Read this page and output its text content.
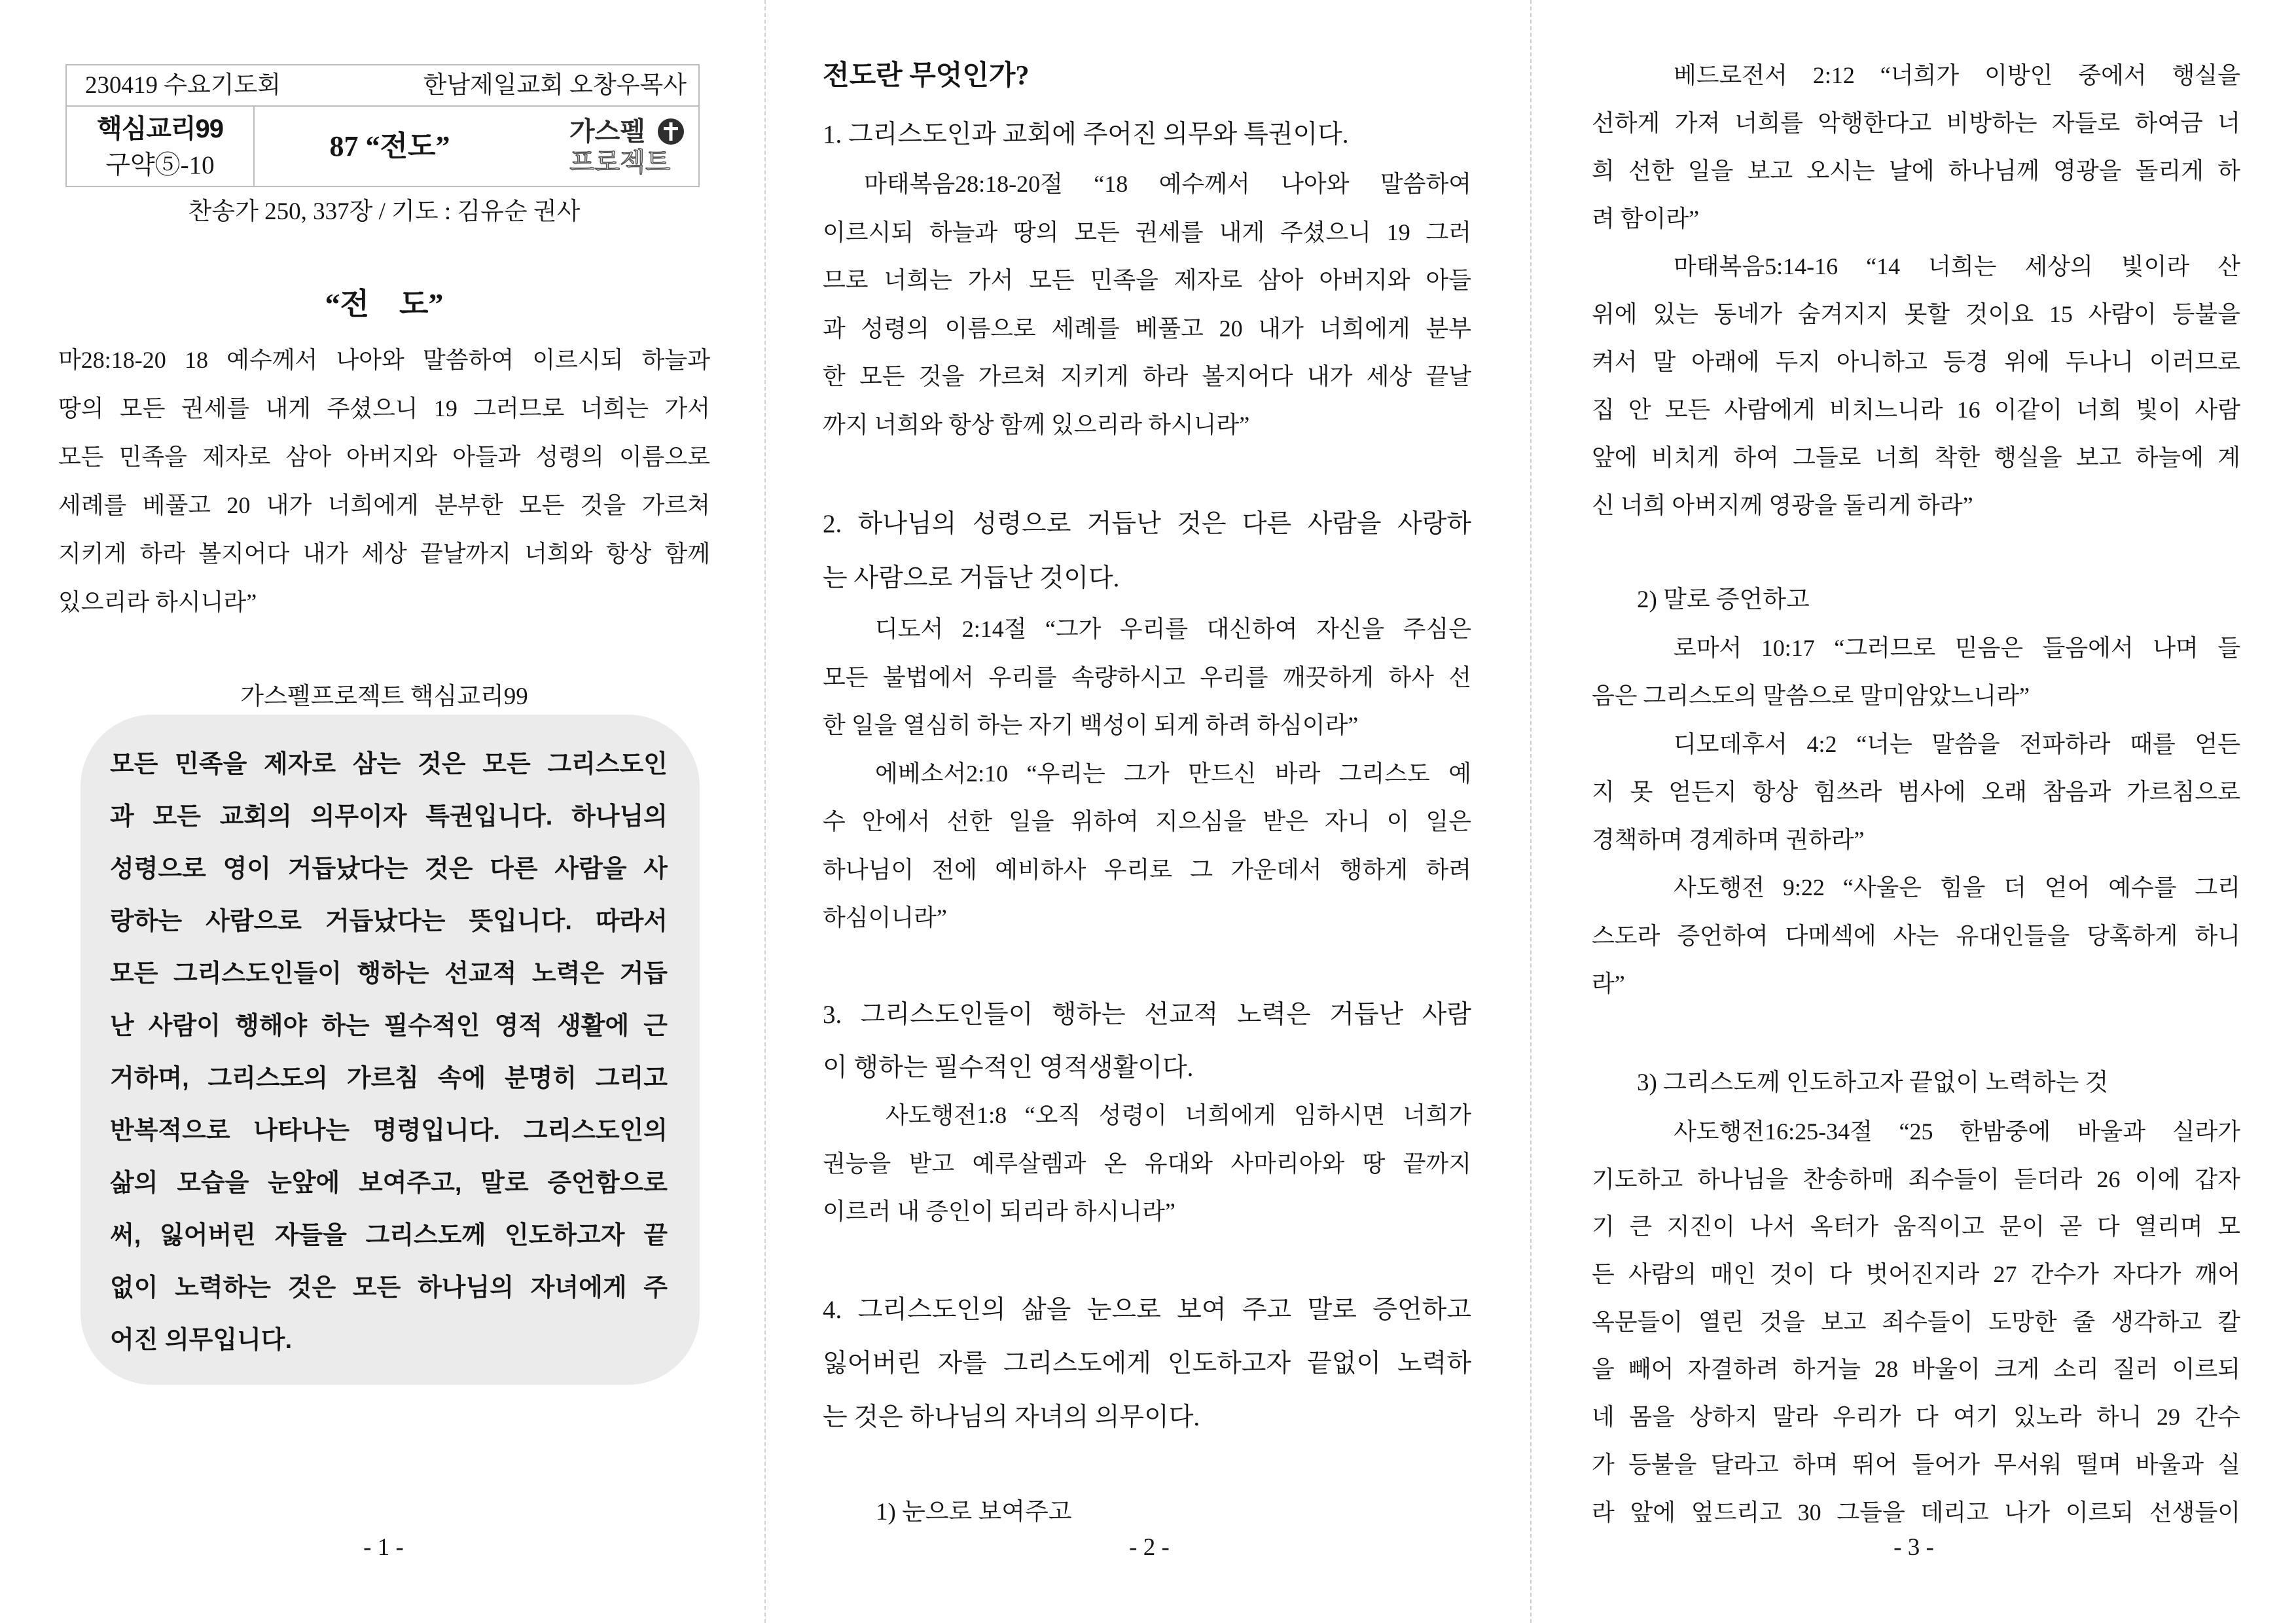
230419 수요기도회	한남제일교회 오창우목사
핵심교리99
구약⑤-10
87 “전도”	가스펠
프로젝트
찬송가 250, 337장 / 기도 : 김유순 권사
“전    도”
마28:18-20 18 예수께서 나아와 말씀하여 이르시되 하늘과
땅의 모든 권세를 내게 주셨으니 19 그러므로 너희는 가서
모든 민족을 제자로 삼아 아버지와 아들과 성령의 이름으로
세례를 베풀고 20 내가 너희에게 분부한 모든 것을 가르쳐
지키게 하라 볼지어다 내가 세상 끝날까지 너희와 항상 함께
있으리라 하시니라”
가스펠프로젝트 핵심교리99
모든 민족을 제자로 삼는 것은 모든 그리스도인
과 모든 교회의 의무이자 특권입니다. 하나님의
성령으로 영이 거듭났다는 것은 다른 사람을 사
랑하는 사람으로 거듭났다는 뜻입니다. 따라서
모든 그리스도인들이 행하는 선교적 노력은 거듭
난 사람이 행해야 하는 필수적인 영적 생활에 근
거하며, 그리스도의 가르침 속에 분명히 그리고
반복적으로 나타나는 명령입니다. 그리스도인의
삶의 모습을 눈앞에 보여주고, 말로 증언함으로
써, 잃어버린 자들을 그리스도께 인도하고자 끝
없이 노력하는 것은 모든 하나님의 자녀에게 주
어진 의무입니다.
- 1 -
전도란 무엇인가?
1. 그리스도인과 교회에 주어진 의무와 특권이다.
마태복음28:18-20절 “18 예수께서 나아와 말씀하여
이르시되 하늘과 땅의 모든 권세를 내게 주셨으니 19 그러
므로 너희는 가서 모든 민족을 제자로 삼아 아버지와 아들
과 성령의 이름으로 세례를 베풀고 20 내가 너희에게 분부
한 모든 것을 가르쳐 지키게 하라 볼지어다 내가 세상 끝날
까지 너희와 항상 함께 있으리라 하시니라”
2. 하나님의 성령으로 거듭난 것은 다른 사람을 사랑하
는 사람으로 거듭난 것이다.
디도서 2:14절 “그가 우리를 대신하여 자신을 주심은
모든 불법에서 우리를 속량하시고 우리를 깨끗하게 하사 선
한 일을 열심히 하는 자기 백성이 되게 하려 하심이라”
에베소서2:10 “우리는 그가 만드신 바라 그리스도 예
수 안에서 선한 일을 위하여 지으심을 받은 자니 이 일은
하나님이 전에 예비하사 우리로 그 가운데서 행하게 하려
하심이니라”
3. 그리스도인들이 행하는 선교적 노력은 거듭난 사람
이 행하는 필수적인 영적생활이다.
사도행전1:8 “오직 성령이 너희에게 임하시면 너희가
권능을 받고 예루살렘과 온 유대와 사마리아와 땅 끝까지
이르러 내 증인이 되리라 하시니라”
4. 그리스도인의 삶을 눈으로 보여 주고 말로 증언하고
잃어버린 자를 그리스도에게 인도하고자 끝없이 노력하
는 것은 하나님의 자녀의 의무이다.
1) 눈으로 보여주고
- 2 -
베드로전서 2:12 “너희가 이방인 중에서 행실을
선하게 가져 너희를 악행한다고 비방하는 자들로 하여금 너
희 선한 일을 보고 오시는 날에 하나님께 영광을 돌리게 하
려 함이라”
마태복음5:14-16 “14 너희는 세상의 빛이라 산
위에 있는 동네가 숨겨지지 못할 것이요 15 사람이 등불을
켜서 말 아래에 두지 아니하고 등경 위에 두나니 이러므로
집 안 모든 사람에게 비치느니라 16 이같이 너희 빛이 사람
앞에 비치게 하여 그들로 너희 착한 행실을 보고 하늘에 계
신 너희 아버지께 영광을 돌리게 하라”
2) 말로 증언하고
로마서 10:17 “그러므로 믿음은 들음에서 나며 들
음은 그리스도의 말씀으로 말미암았느니라”
디모데후서 4:2 “너는 말씀을 전파하라 때를 얻든
지 못 얻든지 항상 힘쓰라 범사에 오래 참음과 가르침으로
경책하며 경계하며 권하라”
사도행전 9:22 “사울은 힘을 더 얻어 예수를 그리
스도라 증언하여 다메섹에 사는 유대인들을 당혹하게 하니
라”
3) 그리스도께 인도하고자 끝없이 노력하는 것
사도행전16:25-34절 “25 한밤중에 바울과 실라가
기도하고 하나님을 찬송하매 죄수들이 듣더라 26 이에 갑자
기 큰 지진이 나서 옥터가 움직이고 문이 곧 다 열리며 모
든 사람의 매인 것이 다 벗어진지라 27 간수가 자다가 깨어
옥문들이 열린 것을 보고 죄수들이 도망한 줄 생각하고 칼
을 빼어 자결하려 하거늘 28 바울이 크게 소리 질러 이르되
네 몸을 상하지 말라 우리가 다 여기 있노라 하니 29 간수
가 등불을 달라고 하며 뛰어 들어가 무서워 떨며 바울과 실
라 앞에 엎드리고 30 그들을 데리고 나가 이르되 선생들이
- 3 -
